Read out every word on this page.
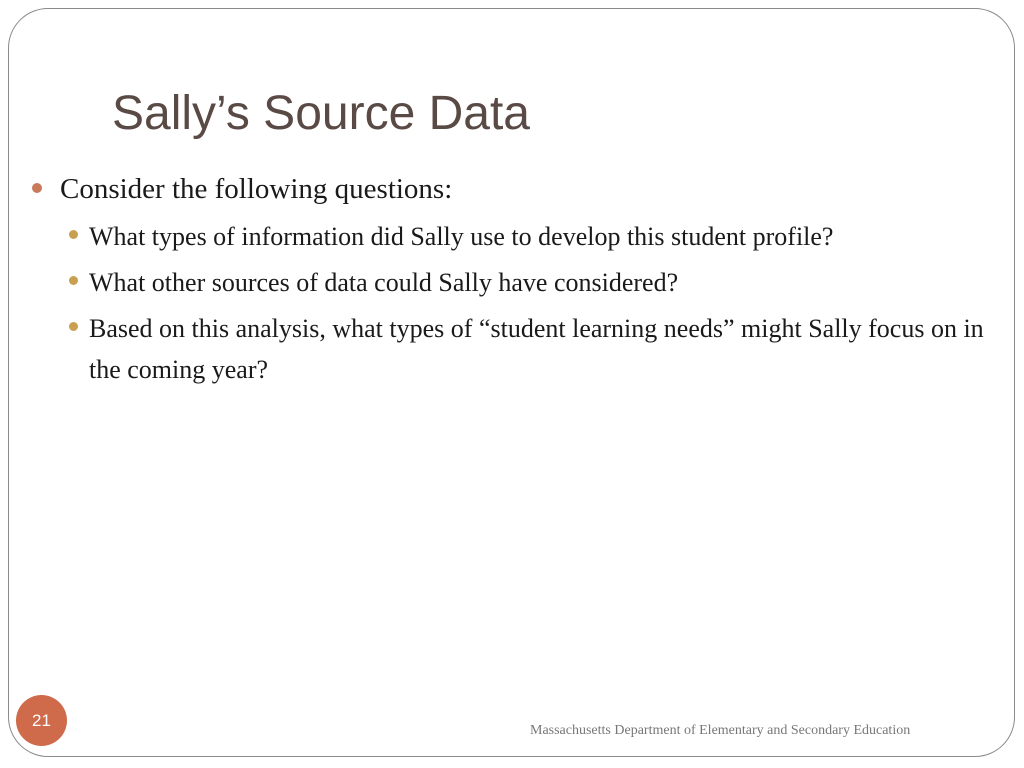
Sally’s Source Data
Consider the following questions:
What types of information did Sally use to develop this student profile?
What other sources of data could Sally have considered?
Based on this analysis, what types of “student learning needs” might Sally focus on in the coming year?
21
Massachusetts Department of Elementary and Secondary Education
